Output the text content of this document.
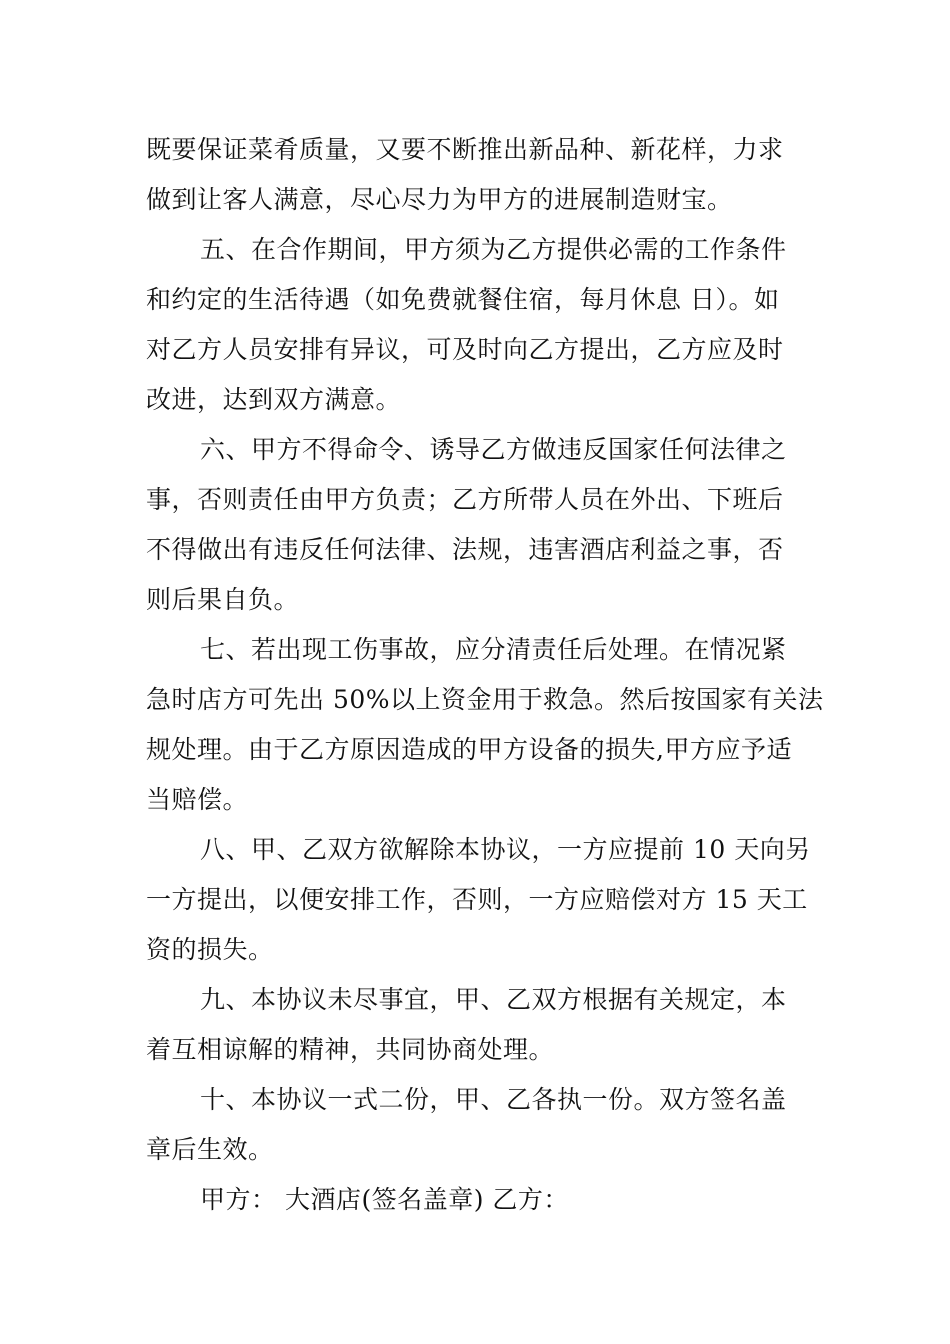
既要保证菜肴质量，又要不断推出新品种、新花样，力求
做到让客人满意，尽心尽力为甲方的进展制造财宝。
五、在合作期间，甲方须为乙方提供必需的工作条件
和约定的生活待遇（如免费就餐住宿，每月休息 日）。如
对乙方人员安排有异议，可及时向乙方提出，乙方应及时
改进，达到双方满意。
六、甲方不得命令、诱导乙方做违反国家任何法律之
事，否则责任由甲方负责；乙方所带人员在外出、下班后
不得做出有违反任何法律、法规，违害酒店利益之事，否
则后果自负。
七、若出现工伤事故，应分清责任后处理。在情况紧
急时店方可先出 50%以上资金用于救急。然后按国家有关法
规处理。由于乙方原因造成的甲方设备的损失,甲方应予适
当赔偿。
八、甲、乙双方欲解除本协议，一方应提前 10 天向另
一方提出，以便安排工作，否则，一方应赔偿对方 15 天工
资的损失。
九、本协议未尽事宜，甲、乙双方根据有关规定，本
着互相谅解的精神，共同协商处理。
十、本协议一式二份，甲、乙各执一份。双方签名盖
章后生效。
甲方： 大酒店(签名盖章) 乙方：
